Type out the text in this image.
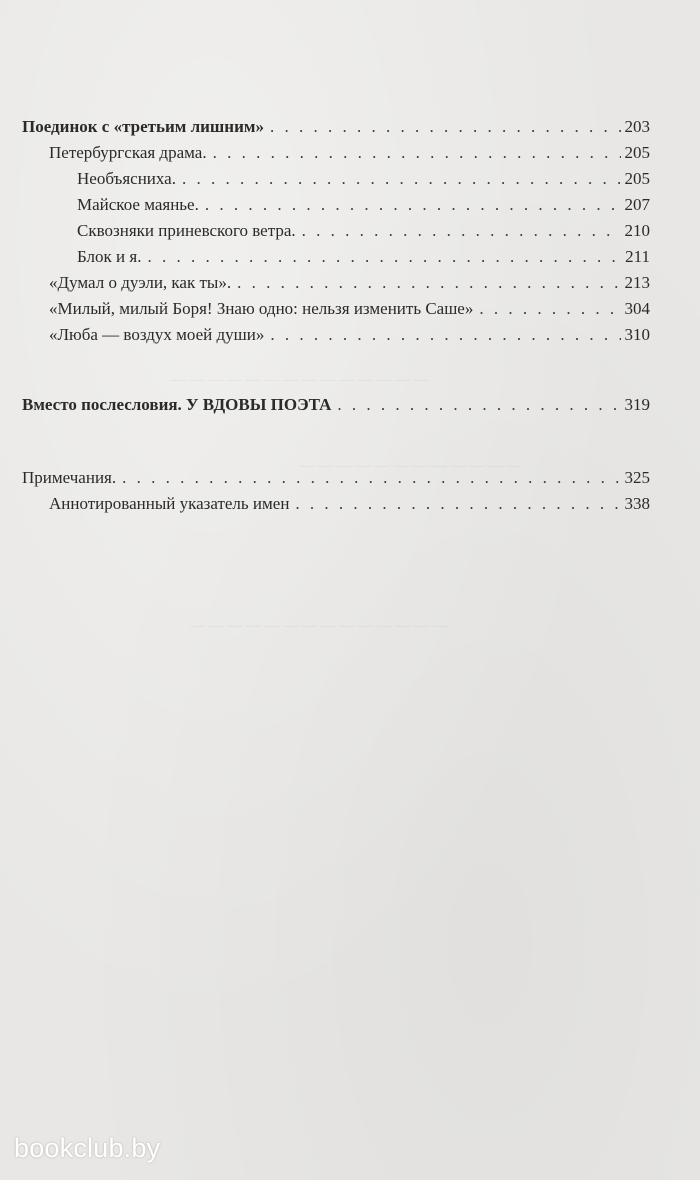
— — — — — — — — — — — — — —
— — — — — — — — — — — —
— — — — — — — — — — — — — —
Поединок с «третьим лишним» . . .	203
Петербургская драма. . . .	205
Необъясниха. . . .	205
Майское маянье. . . .	207
Сквозняки приневского ветра. . . .	210
Блок и я. . . .	211
«Думал о дуэли, как ты». . . .	213
«Милый, милый Боря! Знаю одно: нельзя изменить Саше» . . .	304
«Люба — воздух моей души» . . .	310
Вместо послесловия. У ВДОВЫ ПОЭТА . . .	319
Примечания. . . .	325
Аннотированный указатель имен . . .	338
bookclub.by
